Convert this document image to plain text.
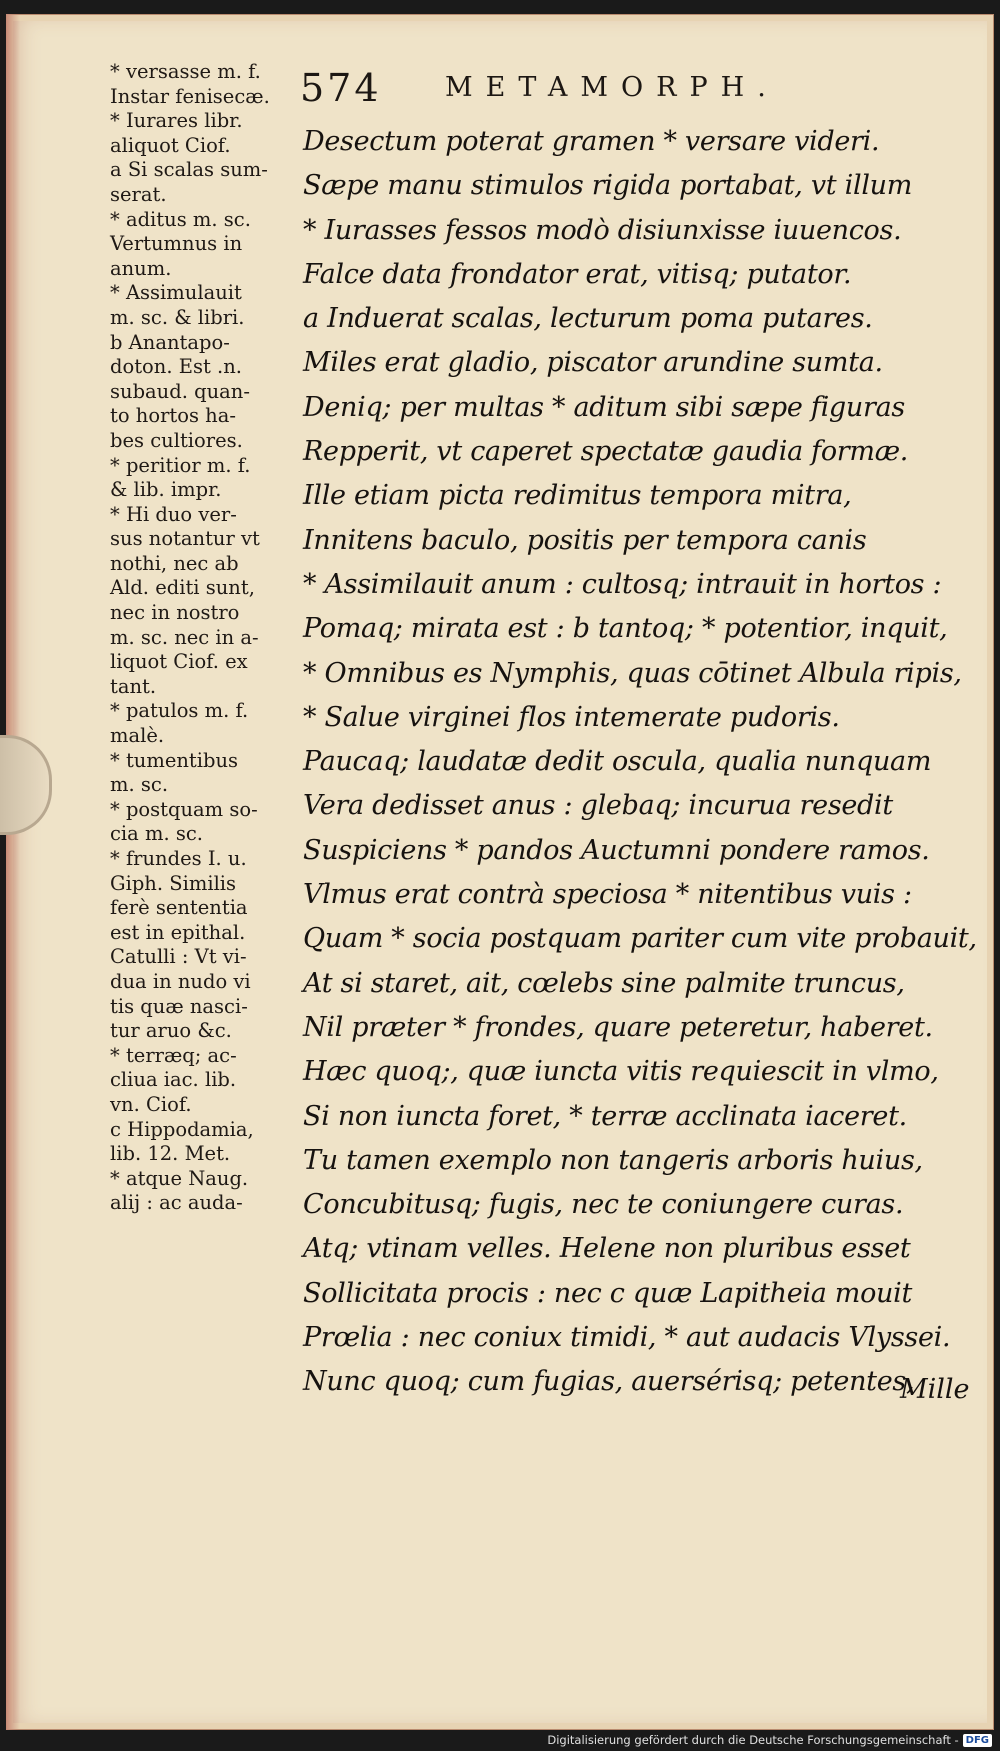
574 METAMORPH.
* versasse m. f.
Instar fenisecæ.
* Iurares libr.
aliquot Ciof.
a Si scalas sum-
serat.
* aditus m. sc.
Vertumnus in
anum.
* Assimulauit
m. sc. & libri.
b Anantapo-
doton. Est .n.
subaud. quan-
to hortos ha-
bes cultiores.
* peritior m. f.
& lib. impr.
* Hi duo ver-
sus notantur vt
nothi, nec ab
Ald. editi sunt,
nec in nostro
m. sc. nec in a-
liquot Ciof. ex
tant.
* patulos m. f.
malè.
* tumentibus
m. sc.
* postquam so-
cia m. sc.
* frundes I. u.
Giph. Similis
ferè sententia
est in epithal.
Catulli : Vt vi-
dua in nudo vi
tis quæ nasci-
tur aruo &c.
* terræq; ac-
cliua iac. lib.
vn. Ciof.
c Hippodamia,
lib. 12. Met.
* atque Naug.
alij : ac auda-
Desectum poterat gramen * versare videri.
Sæpe manu stimulos rigida portabat, vt illum
* Iurasses fessos modò disiunxisse iuuencos.
Falce data frondator erat, vitisq; putator.
a Induerat scalas, lecturum poma putares.
Miles erat gladio, piscator arundine sumta.
Deniq; per multas * aditum sibi sæpe figuras
Repperit, vt caperet spectatæ gaudia formæ.
Ille etiam picta redimitus tempora mitra,
Innitens baculo, positis per tempora canis
* Assimilauit anum : cultosq; intrauit in hortos :
Pomaq; mirata est : b tantoq; * potentior, inquit,
* Omnibus es Nymphis, quas cōtinet Albula ripis,
* Salue virginei flos intemerate pudoris.
Paucaq; laudatæ dedit oscula, qualia nunquam
Vera dedisset anus : glebaq; incurua resedit
Suspiciens * pandos Auctumni pondere ramos.
Vlmus erat contrà speciosa * nitentibus vuis :
Quam * socia postquam pariter cum vite probauit,
At si staret, ait, cœlebs sine palmite truncus,
Nil præter * frondes, quare peteretur, haberet.
Hæc quoq;, quæ iuncta vitis requiescit in vlmo,
Si non iuncta foret, * terræ acclinata iaceret.
Tu tamen exemplo non tangeris arboris huius,
Concubitusq; fugis, nec te coniungere curas.
Atq; vtinam velles. Helene non pluribus esset
Sollicitata procis : nec c quæ Lapitheia mouit
Prœlia : nec coniux timidi, * aut audacis Vlyssei.
Nunc quoq; cum fugias, auersérisq; petentes,
Mille
Digitalisierung gefördert durch die Deutsche Forschungsgemeinschaft - DFG
